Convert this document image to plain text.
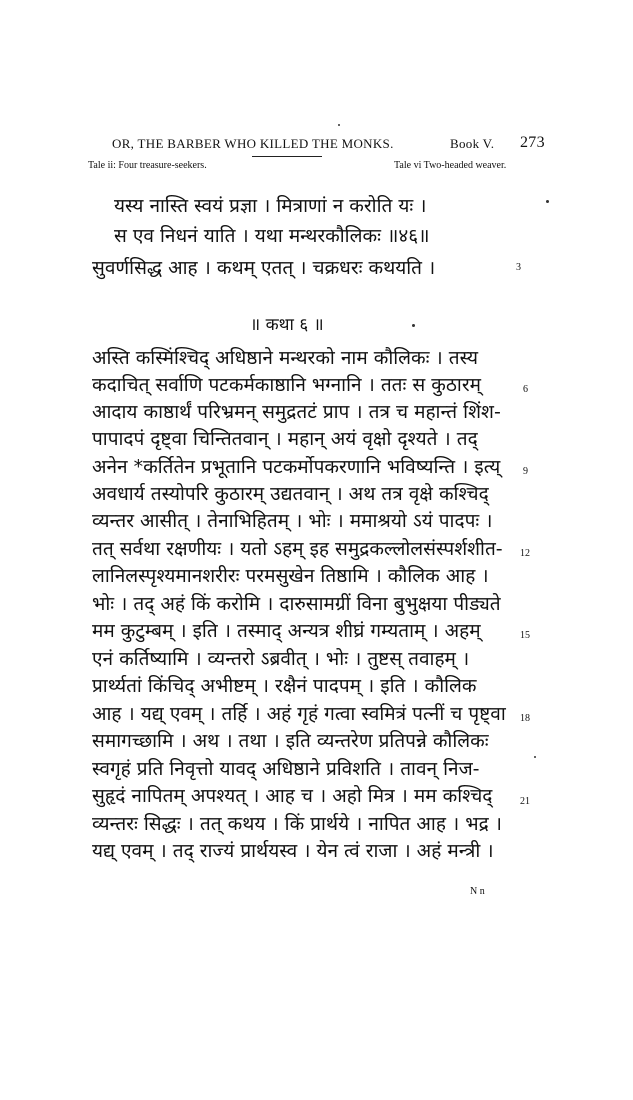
OR, THE BARBER WHO KILLED THE MONKS.	Book V. 273
Tale ii: Four treasure-seekers.	Tale vi Two-headed weaver.
यस्य नास्ति स्वयं प्रज्ञा । मित्राणां न करोति यः ।
स एव निधनं याति । यथा मन्थरकौलिकः ॥४६॥
सुवर्णसिद्ध आह । कथम् एतत् । चक्रधरः कथयति ।	3
॥ कथा ६ ॥
अस्ति कस्मिंश्चिद् अधिष्ठाने मन्थरको नाम कौलिकः । तस्य
कदाचित् सर्वाणि पटकर्मकाष्ठानि भग्नानि । ततः स कुठारम्
आदाय काष्ठार्थं परिभ्रमन् समुद्रतटं प्राप । तत्र च महान्तं शिंश-
पापादपं दृष्ट्वा चिन्तितवान् । महान् अयं वृक्षो दृश्यते । तद्
अनेन *कर्तितेन प्रभूतानि पटकर्मोपकरणानि भविष्यन्ति । इत्य्
अवधार्य तस्योपरि कुठारम् उद्यतवान् । अथ तत्र वृक्षे कश्चिद्
व्यन्तर आसीत् । तेनाभिहितम् । भोः । ममाश्रयो ऽयं पादपः ।
तत् सर्वथा रक्षणीयः । यतो ऽहम् इह समुद्रकल्लोलसंस्पर्शशीत-
लानिलस्पृश्यमानशरीरः परमसुखेन तिष्ठामि । कौलिक आह ।
भोः । तद् अहं किं करोमि । दारुसामग्रीं विना बुभुक्षया पीड्यते
मम कुटुम्बम् । इति । तस्माद् अन्यत्र शीघ्रं गम्यताम् । अहम्
एनं कर्तिष्यामि । व्यन्तरो ऽब्रवीत् । भोः । तुष्टस् तवाहम् ।
प्रार्थ्यतां किंचिद् अभीष्टम् । रक्षैनं पादपम् । इति । कौलिक
आह । यद्य् एवम् । तर्हि । अहं गृहं गत्वा स्वमित्रं पत्नीं च पृष्ट्वा
समागच्छामि । अथ । तथा । इति व्यन्तरेण प्रतिपन्ने कौलिकः
स्वगृहं प्रति निवृत्तो यावद् अधिष्ठाने प्रविशति । तावन् निज-
सुहृदं नापितम् अपश्यत् । आह च । अहो मित्र । मम कश्चिद्
व्यन्तरः सिद्धः । तत् कथय । किं प्रार्थये । नापित आह । भद्र ।
यद्य् एवम् । तद् राज्यं प्रार्थयस्व । येन त्वं राजा । अहं मन्त्री ।
6
9
12
15
18
21
N n
